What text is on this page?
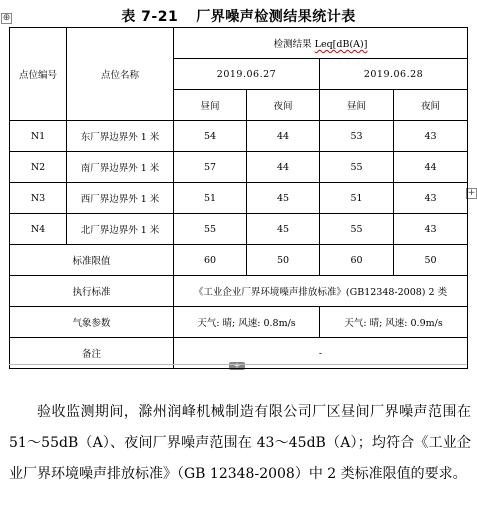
⊕
+
+
表 7-21 厂界噪声检测结果统计表
点位编号	点位名称	检测结果 Leq[dB(A)]			
		2019.06.27		2019.06.28	
		昼间	夜间	昼间	夜间
N1	东厂界边界外 1 米	54	44	53	43
N2	南厂界边界外 1 米	57	44	55	44
N3	西厂界边界外 1 米	51	45	51	43
N4	北厂界边界外 1 米	55	45	55	43
标准限值		60	50	60	50
执行标准		《工业企业厂界环境噪声排放标准》(GB12348-2008) 2 类			
气象参数		天气: 晴; 风速: 0.8m/s		天气: 晴; 风速: 0.9m/s	
备注		-			

验收监测期间，滁州润峰机械制造有限公司厂区昼间厂界噪声范围在 51～55dB（A）、夜间厂界噪声范围在 43～45dB（A）；均符合《工业企业厂界环境噪声排放标准》（GB 12348-2008）中 2 类标准限值的要求。
